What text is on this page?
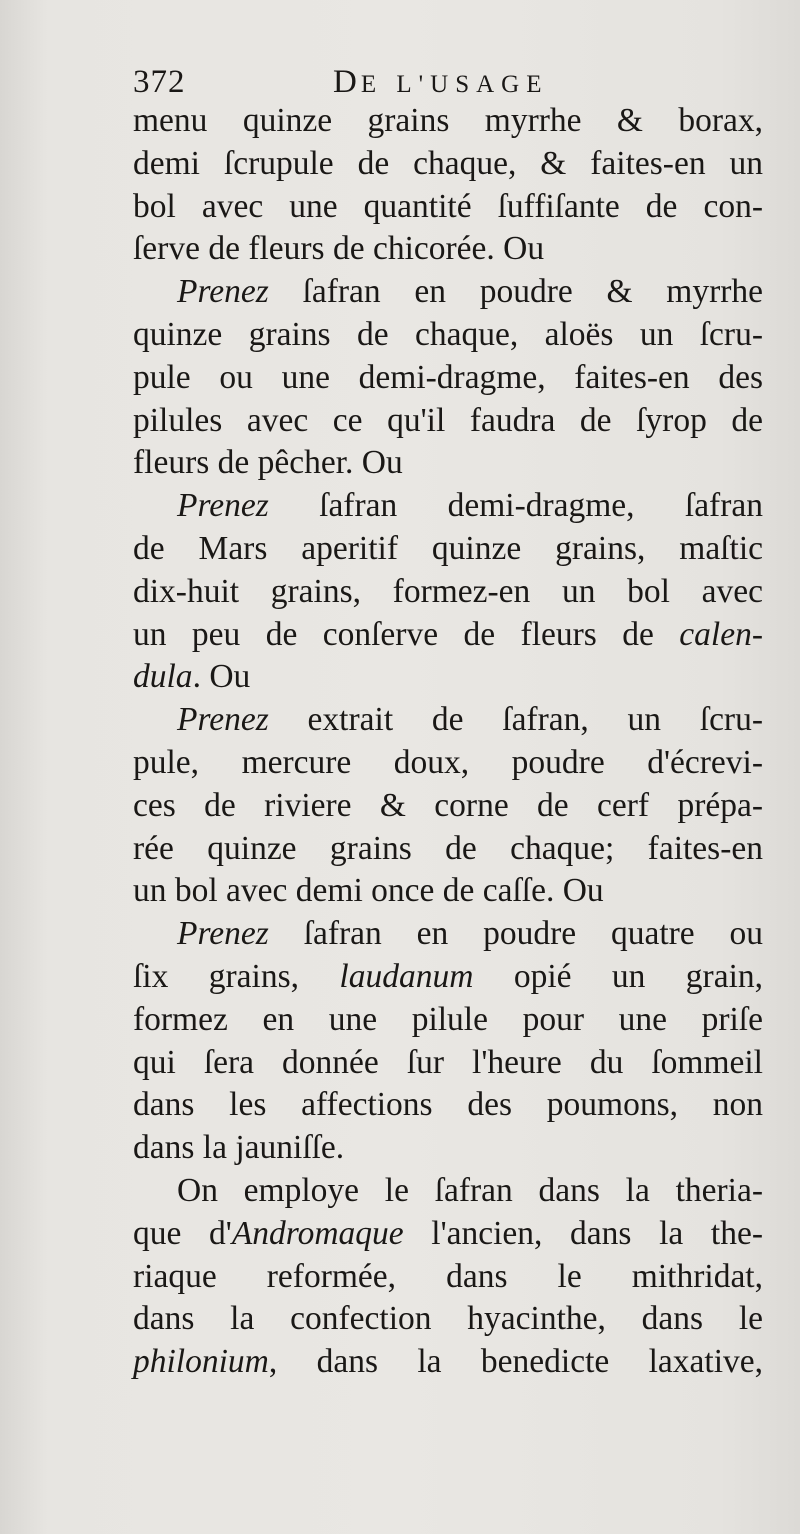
372	DE L'USAGE
menu quinze grains myrrhe & borax,
demi ſcrupule de chaque, & faites-en un
bol avec une quantité ſuffiſante de con-
ſerve de fleurs de chicorée. Ou
Prenez ſafran en poudre & myrrhe
quinze grains de chaque, aloës un ſcru-
pule ou une demi-dragme, faites-en des
pilules avec ce qu'il faudra de ſyrop de
fleurs de pêcher. Ou
Prenez ſafran demi-dragme, ſafran
de Mars aperitif quinze grains, maſtic
dix-huit grains, formez-en un bol avec
un peu de conſerve de fleurs de calen-
dula. Ou
Prenez extrait de ſafran, un ſcru-
pule, mercure doux, poudre d'écrevi-
ces de riviere & corne de cerf prépa-
rée quinze grains de chaque; faites-en
un bol avec demi once de caſſe. Ou
Prenez ſafran en poudre quatre ou
ſix grains, laudanum opié un grain,
formez en une pilule pour une priſe
qui ſera donnée ſur l'heure du ſommeil
dans les affections des poumons, non
dans la jauniſſe.
On employe le ſafran dans la theria-
que d'Andromaque l'ancien, dans la the-
riaque reformée, dans le mithridat,
dans la confection hyacinthe, dans le
philonium, dans la benedicte laxative,
